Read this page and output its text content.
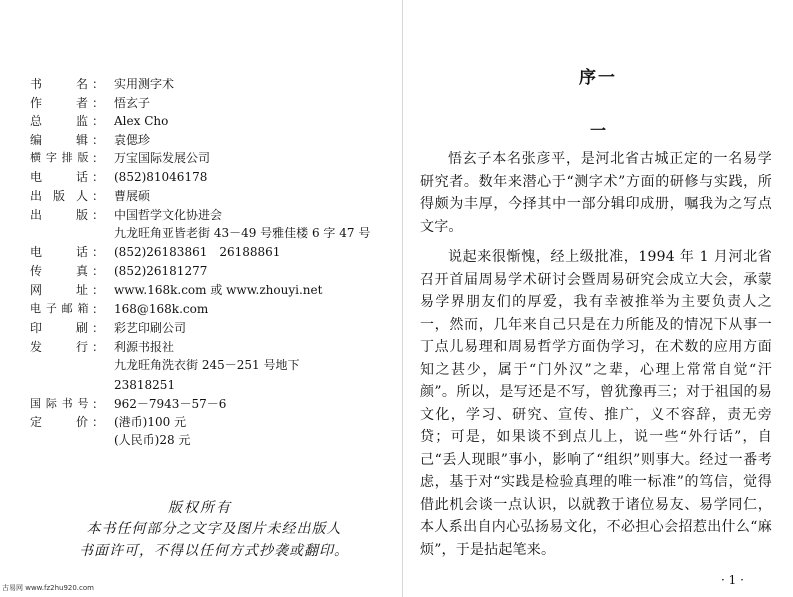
书　　名 ： 实用测字术
作　　者 ： 悟玄子
总　　监 ： Alex Cho
编　　辑 ： 袁偲珍
横字排版 ： 万宝国际发展公司
电　　话 ： (852)81046178
出 版 人 ： 曹展硕
出　　版 ： 中国哲学文化协进会
九龙旺角亚皆老街 43－49 号雅佳楼 6 字 47 号
电　　话 ： (852)26183861　26188861
传　　真 ： (852)26181277
网　　址 ： www.168k.com 或 www.zhouyi.net
电子邮箱 ： 168@168k.com
印　　刷 ： 彩艺印刷公司
发　　行 ： 利源书报社
九龙旺角洗衣街 245－251 号地下
23818251
国际书号 ： 962－7943－57－6
定　　价 ： (港币)100 元
(人民币)28 元
版权所有
本书任何部分之文字及图片未经出版人
书面许可，不得以任何方式抄袭或翻印。
古易网 www.fz2hu920.com
序一
一
悟玄子本名张彦平，是河北省古城正定的一名易学研究者。数年来潜心于“测字术”方面的研修与实践，所得颇为丰厚，今择其中一部分辑印成册，嘱我为之写点文字。
说起来很惭愧，经上级批准，1994 年 1 月河北省召开首届周易学术研讨会暨周易研究会成立大会，承蒙易学界朋友们的厚爱，我有幸被推举为主要负责人之一，然而，几年来自己只是在力所能及的情况下从事一丁点儿易理和周易哲学方面伪学习，在术数的应用方面知之甚少，属于“门外汉”之辈，心理上常常自觉“汗颜”。所以，是写还是不写，曾犹豫再三；对于祖国的易文化，学习、研究、宣传、推广，义不容辞，责无旁贷；可是，如果谈不到点儿上，说一些“外行话”，自己“丢人现眼”事小，影响了“组织”则事大。经过一番考虑，基于对“实践是检验真理的唯一标准”的笃信，觉得借此机会谈一点认识，以就教于诸位易友、易学同仁，本人系出自内心弘扬易文化，不必担心会招惹出什么“麻烦”，于是拈起笔来。
· 1 ·
